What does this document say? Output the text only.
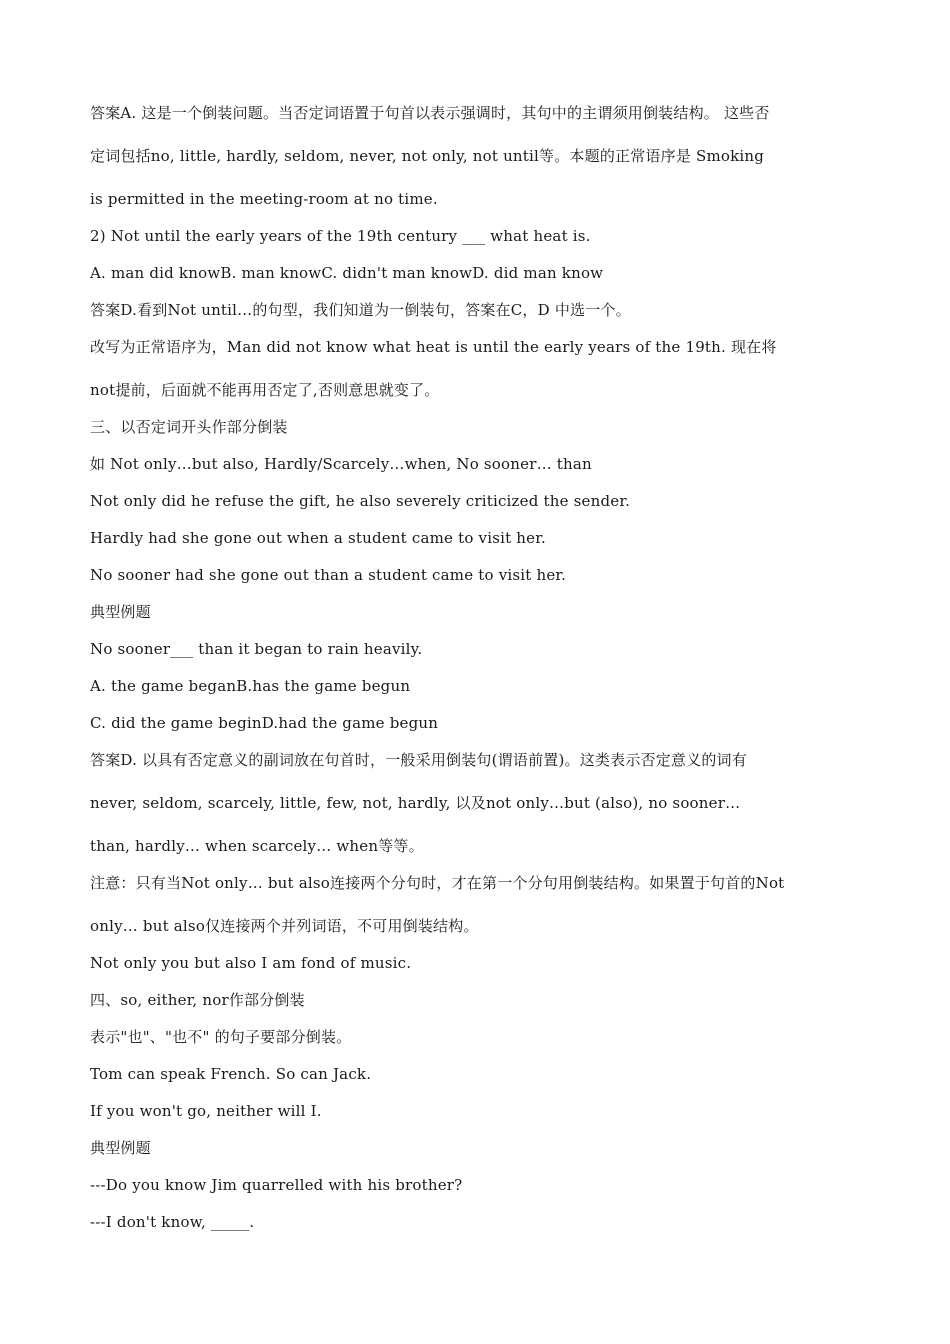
答案A. 这是一个倒装问题。当否定词语置于句首以表示强调时，其句中的主谓须用倒装结构。 这些否
定词包括no, little, hardly, seldom, never, not only, not until等。本题的正常语序是 Smoking
is permitted in the meeting-room at no time.
2) Not until the early years of the 19th century ___ what heat is.
A. man did knowB. man knowC. didn't man knowD. did man know
答案D.看到Not until…的句型，我们知道为一倒装句，答案在C，D 中选一个。
改写为正常语序为，Man did not know what heat is until the early years of the 19th. 现在将
not提前，后面就不能再用否定了,否则意思就变了。
三、以否定词开头作部分倒装
如 Not only…but also, Hardly/Scarcely…when, No sooner… than
Not only did he refuse the gift, he also severely criticized the sender.
Hardly had she gone out when a student came to visit her.
No sooner had she gone out than a student came to visit her.
典型例题
No sooner___ than it began to rain heavily.
A. the game beganB.has the game begun
C. did the game beginD.had the game begun
答案D. 以具有否定意义的副词放在句首时，一般采用倒装句(谓语前置)。这类表示否定意义的词有
never, seldom, scarcely, little, few, not, hardly, 以及not only…but (also), no sooner…
than, hardly… when scarcely… when等等。
注意：只有当Not only… but also连接两个分句时，才在第一个分句用倒装结构。如果置于句首的Not
only… but also仅连接两个并列词语，不可用倒装结构。
Not only you but also I am fond of music.
四、so, either, nor作部分倒装
表示"也"、"也不" 的句子要部分倒装。
Tom can speak French. So can Jack.
If you won't go, neither will I.
典型例题
---Do you know Jim quarrelled with his brother?
---I don't know, _____.
